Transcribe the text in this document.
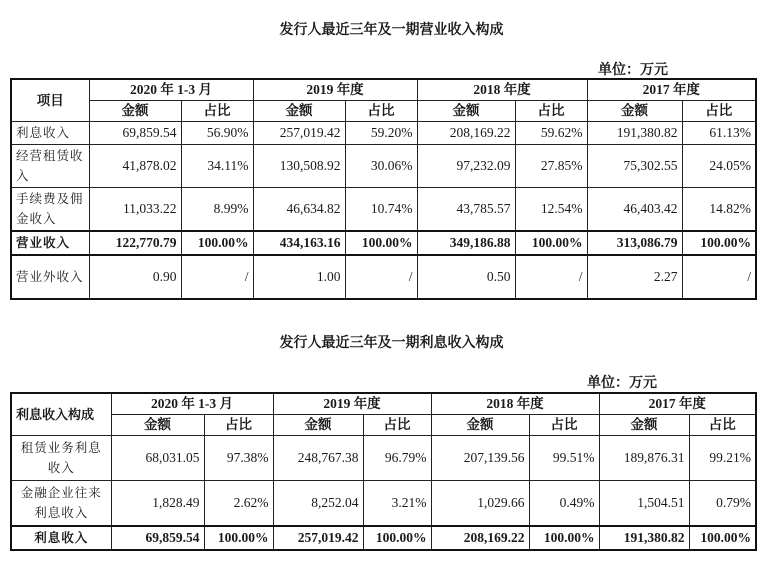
发行人最近三年及一期营业收入构成
单位：万元
项目	2020 年 1-3 月		2019 年度		2018 年度		2017 年度	
	金额	占比	金额	占比	金额	占比	金额	占比
利息收入	69,859.54	56.90%	257,019.42	59.20%	208,169.22	59.62%	191,380.82	61.13%
经营租赁收入	41,878.02	34.11%	130,508.92	30.06%	97,232.09	27.85%	75,302.55	24.05%
手续费及佣金收入	11,033.22	8.99%	46,634.82	10.74%	43,785.57	12.54%	46,403.42	14.82%
营业收入	122,770.79	100.00%	434,163.16	100.00%	349,186.88	100.00%	313,086.79	100.00%
营业外收入	0.90	/	1.00	/	0.50	/	2.27	/
发行人最近三年及一期利息收入构成
单位：万元
利息收入构成	2020 年 1-3 月		2019 年度		2018 年度		2017 年度	
	金额	占比	金额	占比	金额	占比	金额	占比
租赁业务利息收入	68,031.05	97.38%	248,767.38	96.79%	207,139.56	99.51%	189,876.31	99.21%
金融企业往来利息收入	1,828.49	2.62%	8,252.04	3.21%	1,029.66	0.49%	1,504.51	0.79%
利息收入	69,859.54	100.00%	257,019.42	100.00%	208,169.22	100.00%	191,380.82	100.00%
